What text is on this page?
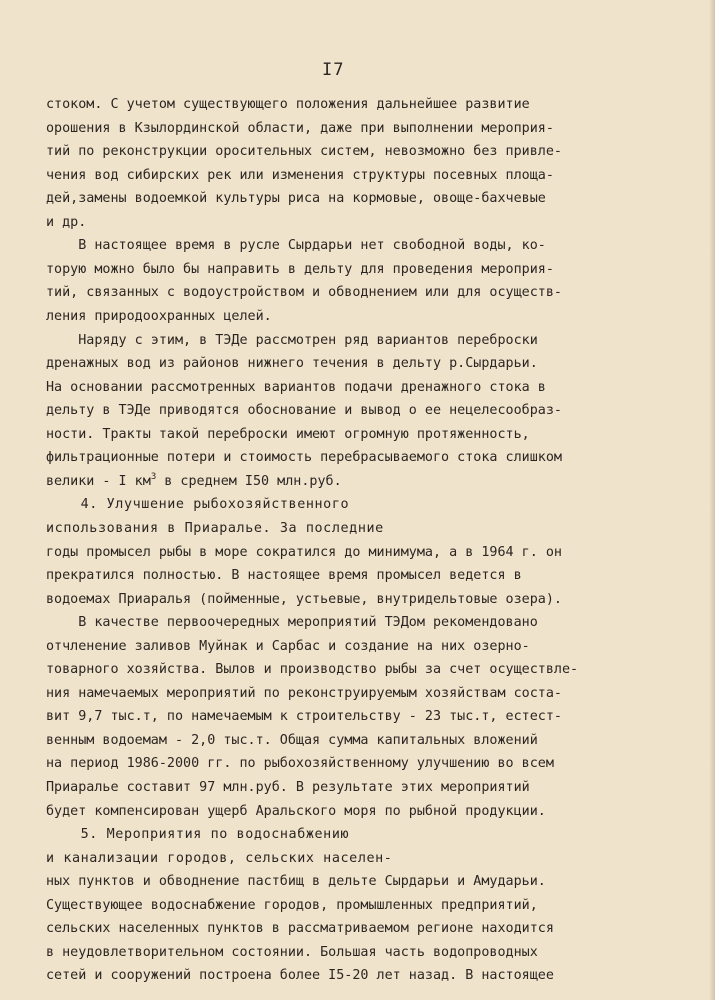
I7
стоком. С учетом существующего положения дальнейшее развитие
орошения в Кзылординской области, даже при выполнении мероприя-
тий по реконструкции оросительных систем, невозможно без привле-
чения вод сибирских рек или изменения структуры посевных площа-
дей,замены водоемкой культуры риса на кормовые, овоще-бахчевые
и др.
В настоящее время в русле Сырдарьи нет свободной воды, ко-
торую можно было бы направить в дельту для проведения мероприя-
тий, связанных с водоустройством и обводнением или для осуществ-
ления природоохранных целей.
Наряду с этим, в ТЭДе рассмотрен ряд вариантов переброски
дренажных вод из районов нижнего течения в дельту р.Сырдарьи.
На основании рассмотренных вариантов подачи дренажного стока в
дельту в ТЭДе приводятся обоснование и вывод о ее нецелесообраз-
ности. Тракты такой переброски имеют огромную протяженность,
фильтрационные потери и стоимость перебрасываемого стока слишком
велики - I $км^3$ в среднем I50 млн.руб.
4. Улучшение рыбохозяйственного
использования в Приаралье. За последние
годы промысел рыбы в море сократился до минимума, а в 1964 г. он
прекратился полностью. В настоящее время промысел ведется в
водоемах Приаралья (пойменные, устьевые, внутридельтовые озера).
В качестве первоочередных мероприятий ТЭДом рекомендовано
отчленение заливов Муйнак и Сарбас и создание на них озерно-
товарного хозяйства. Вылов и производство рыбы за счет осуществле-
ния намечаемых мероприятий по реконструируемым хозяйствам соста-
вит 9,7 тыс.т, по намечаемым к строительству - 23 тыс.т, естест-
венным водоемам - 2,0 тыс.т. Общая сумма капитальных вложений
на период 1986-2000 гг. по рыбохозяйственному улучшению во всем
Приаралье составит 97 млн.руб. В результате этих мероприятий
будет компенсирован ущерб Аральского моря по рыбной продукции.
5. Мероприятия по водоснабжению
и канализации городов, сельских населен-
ных пунктов и обводнение пастбищ в дельте Сырдарьи и Амударьи.
Существующее водоснабжение городов, промышленных предприятий,
сельских населенных пунктов в рассматриваемом регионе находится
в неудовлетворительном состоянии. Большая часть водопроводных
сетей и сооружений построена более I5-20 лет назад. В настоящее
